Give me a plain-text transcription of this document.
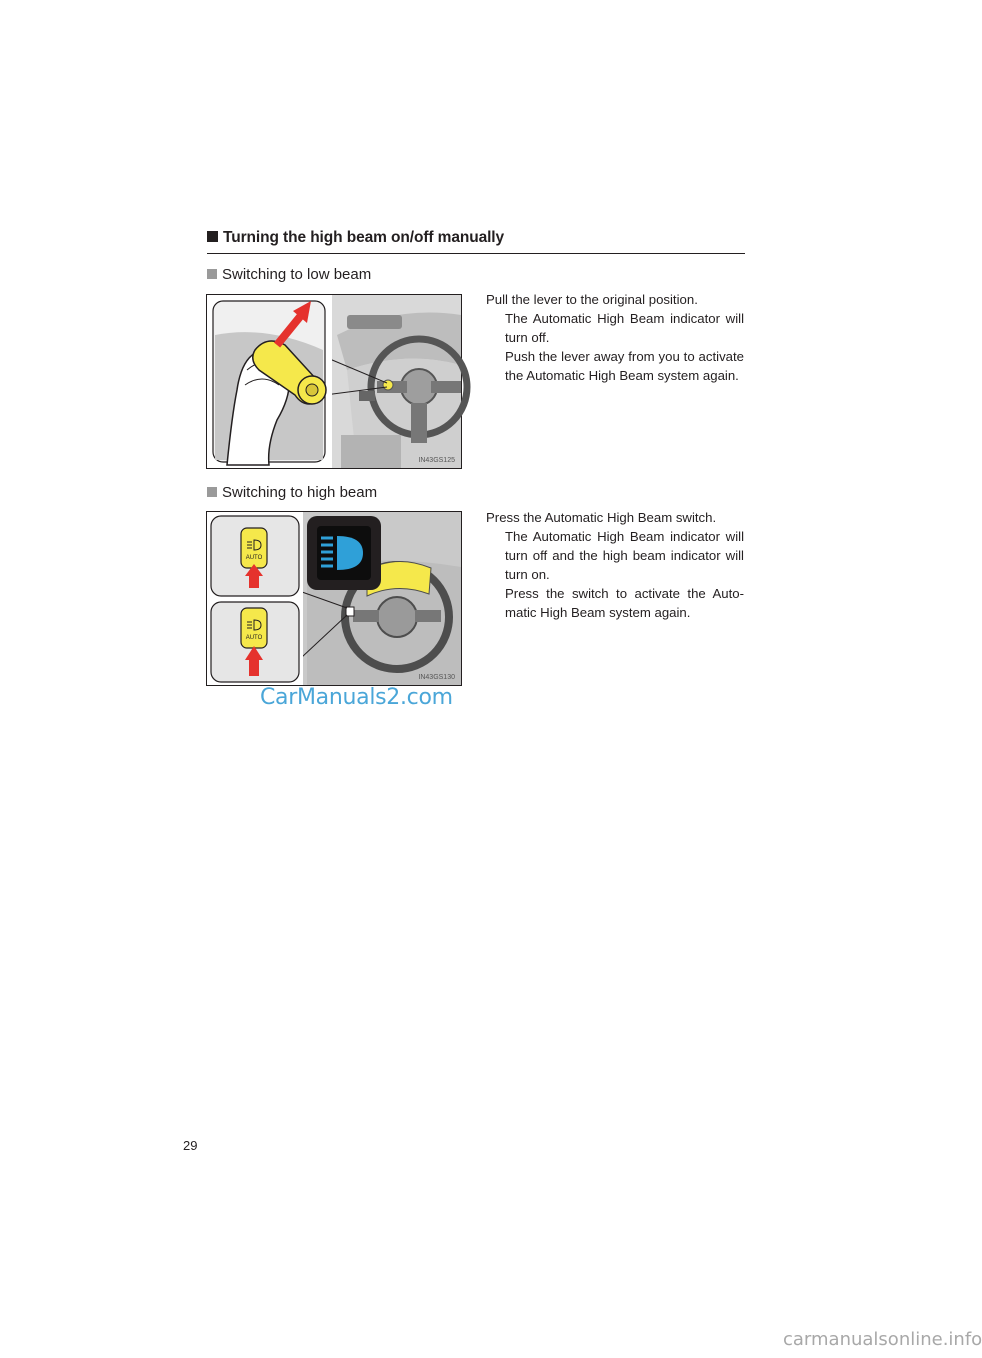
Turning the high beam on/off manually
Switching to low beam
IN43GS125
Pull the lever to the original position.
The Automatic High Beam indicator will turn off.
Push the lever away from you to activate the Automatic High Beam system again.
Switching to high beam
AUTO
AUTO
IN43GS130
Press the Automatic High Beam switch.
The Automatic High Beam indicator will turn off and the high beam indicator will turn on.
Press the switch to activate the Auto-matic High Beam system again.
CarManuals2.com
29
carmanualsonline.info
